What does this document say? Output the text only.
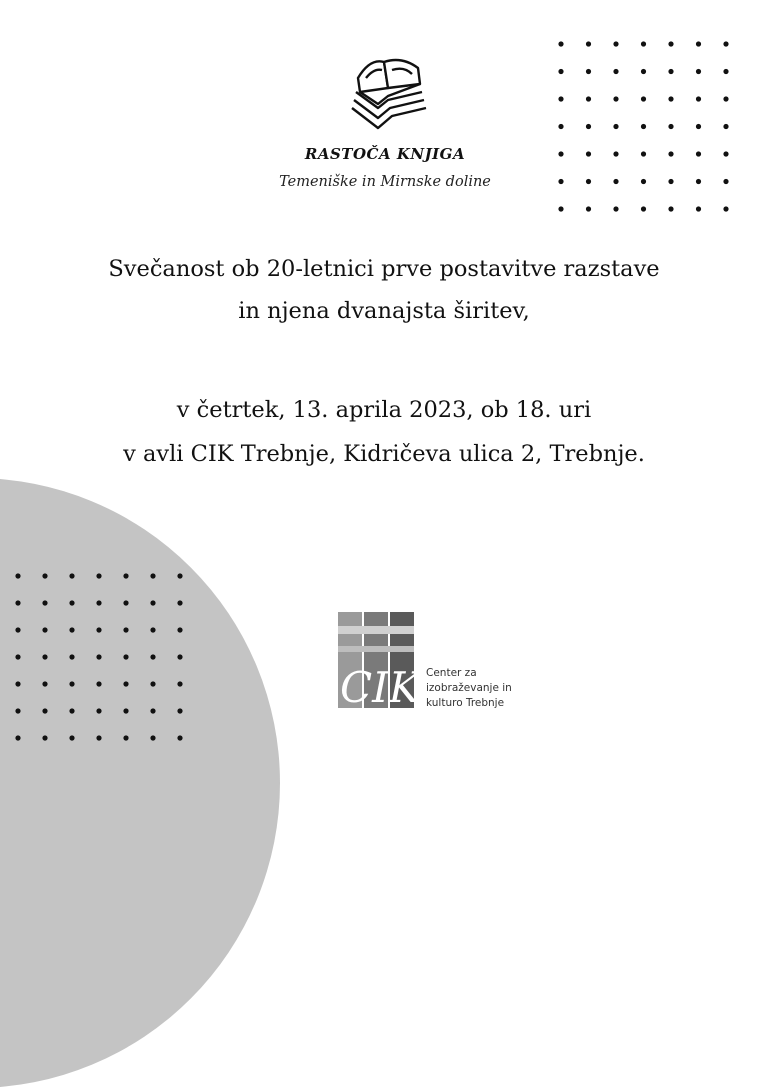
RASTOČA KNJIGA
Temeniške in Mirnske doline
Svečanost ob 20-letnici prve postavitve razstave
in njena dvanajsta širitev,
v četrtek, 13. aprila 2023, ob 18. uri
v avli CIK Trebnje, Kidričeva ulica 2, Trebnje.
CIK Center za
izobraževanje in
kulturo Trebnje
